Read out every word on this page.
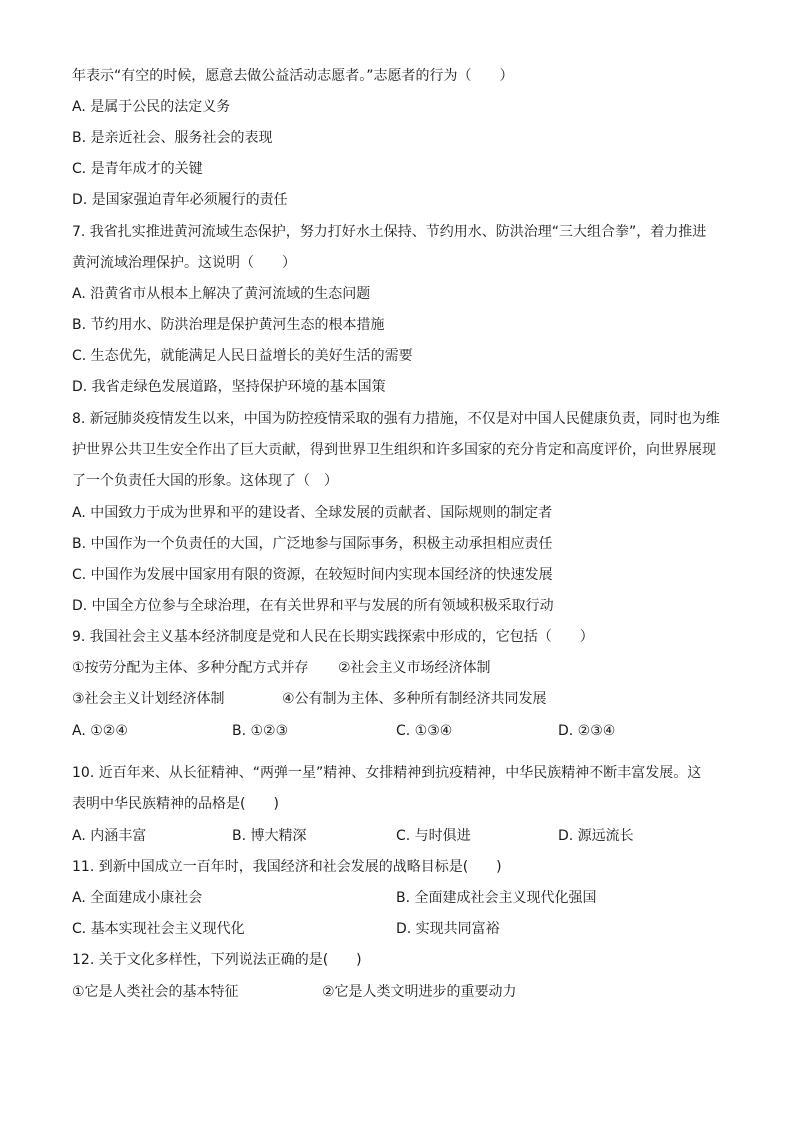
年表示“有空的时候，愿意去做公益活动志愿者。”志愿者的行为（　　）
A. 是属于公民的法定义务
B. 是亲近社会、服务社会的表现
C. 是青年成才的关键
D. 是国家强迫青年必须履行的责任
7. 我省扎实推进黄河流域生态保护，努力打好水土保持、节约用水、防洪治理“三大组合拳”，着力推进
黄河流域治理保护。这说明（　　）
A. 沿黄省市从根本上解决了黄河流域的生态问题
B. 节约用水、防洪治理是保护黄河生态的根本措施
C. 生态优先，就能满足人民日益增长的美好生活的需要
D. 我省走绿色发展道路，坚持保护环境的基本国策
8. 新冠肺炎疫情发生以来，中国为防控疫情采取的强有力措施，不仅是对中国人民健康负责，同时也为维
护世界公共卫生安全作出了巨大贡献，得到世界卫生组织和许多国家的充分肯定和高度评价，向世界展现
了一个负责任大国的形象。这体现了（　）
A. 中国致力于成为世界和平的建设者、全球发展的贡献者、国际规则的制定者
B. 中国作为一个负责任的大国，广泛地参与国际事务，积极主动承担相应责任
C. 中国作为发展中国家用有限的资源，在较短时间内实现本国经济的快速发展
D. 中国全方位参与全球治理，在有关世界和平与发展的所有领域积极采取行动
9. 我国社会主义基本经济制度是党和人民在长期实践探索中形成的，它包括（　　）
①按劳分配为主体、多种分配方式并存 ②社会主义市场经济体制
③社会主义计划经济体制	④公有制为主体、多种所有制经济共同发展
A. ①②④	B. ①②③	C. ①③④	D. ②③④
10. 近百年来、从长征精神、“两弹一星”精神、女排精神到抗疫精神，中华民族精神不断丰富发展。这
表明中华民族精神的品格是(　　)
A. 内涵丰富	B. 博大精深	C. 与时俱进	D. 源远流长
11. 到新中国成立一百年时，我国经济和社会发展的战略目标是(　　)
A. 全面建成小康社会	B. 全面建成社会主义现代化强国
C. 基本实现社会主义现代化	D. 实现共同富裕
12. 关于文化多样性，下列说法正确的是(　　)
①它是人类社会的基本特征	②它是人类文明进步的重要动力
